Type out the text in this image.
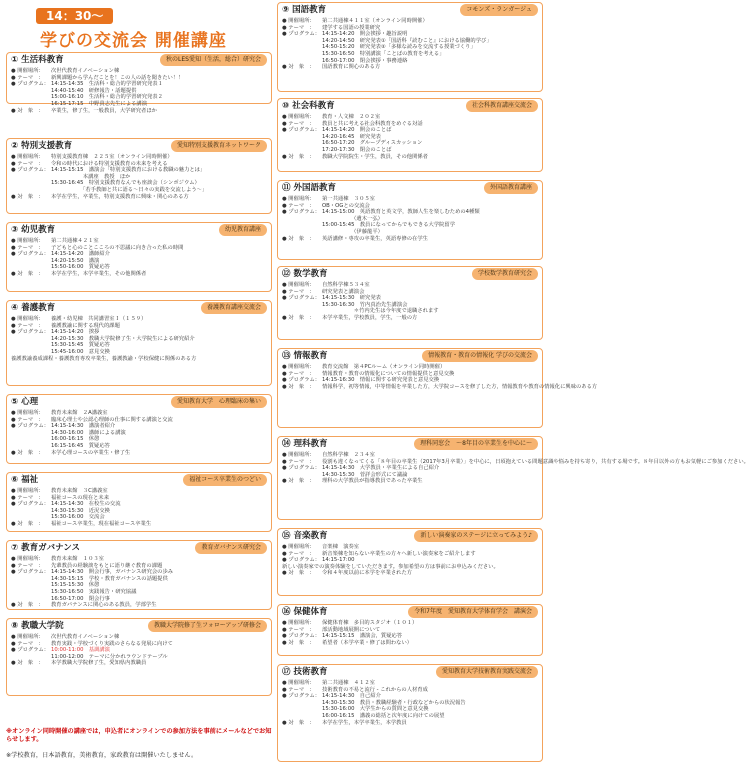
14：30～
学びの交流会 開催講座
① 生活科教育	秋のLES愛知（生活，総合）研究会
● 開催場所：	次世代教育イノベーション棟
● テーマ　：	新興課題から学んだことを！この人の話を聞きたい！！
● プログラム： 14:15-14:35　生活科・総合的学習研究発表１
14:40-15:40　研修報告・話題提供
15:00-16:10　生活科・総合的学習研究発表２
16:15-17:15　中野貴志先生による講演
● 対　象　：	卒業生，修了生，一般教員，大学研究者ほか
② 特別支援教育	愛知特別支援教育ネットワーク
● 開催場所：	特別支援教育棟　２２５室（オンライン同時開催）
● テーマ　：	令和の時代における特別支援教育の未来を考える
● プログラム： 14:15-15:15　講演会「特別支援教育における教職の魅力とは」
　　　　　　本講座　教授　ほか
15:30-16:45　特別支援教育なんでも座談会（シンポジウム）
　　　　　　「若手教師と共に語る〜日々の実践を交流しよう〜」
● 対　象　：	本学在学生，卒業生，特別支援教育に興味・関心のある方
③ 幼児教育	幼児教育講座
● 開催場所：	第二共通棟４２１室
● テーマ　：	子どもと心のことこころの不思議に向き合った私の時間
● プログラム： 14:15-14:20　講師紹介
14:20-15:50　講演
15:50-16:00　質疑応答
● 対　象　：	本学在学生，本学卒業生，その他関係者
④ 養護教育	養護教育講座交流会
● 開催場所：	養護・幼児棟　共同講習室Ｉ（１５９）
● テーマ　：	養護教諭に関する現代的課題
● プログラム： 14:15-14:20　挨拶
14:20-15:30　教職大学院修了生・大学院生による研究紹介
15:30-15:45　質疑応答
15:45-16:00　意見交換
養護教諭養成課程・養護教育専攻卒業生，養護教諭・学校保健に関係のある方
⑤ 心理	愛知教育大学　心理臨床の集い
● 開催場所：	教育未来館　２A講義室
● テーマ　：	臨床心理士や公認心理師の仕事に関する講演と交流
● プログラム： 14:15-14:30　講演者紹介
14:30-16:00　講師による講演
16:00-16:15　休憩
16:15-16:45　質疑応答
● 対　象　：	本学心理コースの卒業生・修了生
⑥ 福祉	福祉コース卒業生のつどい
● 開催場所：	教育未来館　３C講義室
● テーマ　：	福祉コースの現在と未来
● プログラム： 14:15-14:30　在校生の交流
14:30-15:30　近況交換
15:30-16:00　交流会
● 対　象　：	福祉コース卒業生，現在福祉コース卒業生
⑦ 教育ガバナンス	教育ガバナンス研究会
● 開催場所：	教育未来館　１０３室
● テーマ　：	先輩教員の経験談をもとに語り継ぐ教育の課題
● プログラム： 14:15-14:30　開会行事，ガバナンス研究会の歩み
14:30-15:15　学校・教育ガバナンスの話題提供
15:15-15:30　休憩
15:30-16:50　実践報告・研究協議
16:50-17:00　閉会行事
● 対　象　：	教育ガバナンスに関心のある教員，学部学生
⑧ 教職大学院	教職大学院修了生フォローアップ研修会
● 開催場所：	次世代教育イノベーション棟
● テーマ　：	教育実践・学校づくり実践のさらなる発展に向けて
● プログラム： 10:00-11:00　基調講演
11:00-12:00　テーマに分かれラウンドテーブル
● 対　象　：	本学教職大学院修了生，愛知県内教職員
⑨ 国語教育	コモンズ・ランガージュ
● 開催場所：	第二共通棟４１１室（オンライン同時開催）
● テーマ　：	建学する国語の授業研究
● プログラム： 14:15-14:20　開会挨拶・趣旨説明
14:20-14:50　研究発表①「国語科『読むこと』における協働的学び」
14:50-15:20　研究発表②「多様な読みを交流する授業づくり」
15:30-16:50　特別講演「ことばの教育を考える」
16:50-17:00　閉会挨拶・事務連絡
● 対　象　：	国語教育に関心のある方
⑩ 社会科教育	社会科教育講座交流会
● 開催場所：	教育・人文棟　２０２室
● テーマ　：	教員と共に考える社会科教育をめぐる対話
● プログラム： 14:15-14:20　開会のことば
14:20-16:45　研究発表
16:50-17:20　グループディスカッション
17:20-17:30　閉会のことば
● 対　象　：	教職大学院院生・学生，教員，その他関係者
⑪ 外国語教育	外国語教育講座
● 開催場所：	第一共通棟　３０５室
● テーマ　：	OB・OGとの交流会
● プログラム： 14:15-15:00　英語教育と英文学，教師人生を楽しむための4種類
　　　　　　（遺木一弘）
15:00-15:45　教員になってからでもできる大学院留学
　　　　　　（伊藤龍平）
● 対　象　：	英語講修・専攻の卒業生，英語専修の在学生
⑫ 数学教育	学校数学教育研究会
● 開催場所：	自然科学棟５３４室
● テーマ　：	研究発表と講演会
● プログラム： 14:15-15:30　研究発表
15:30-16:30　竹内真治先生講演会
　　　　　　＊竹内先生は今年度で退職されます
● 対　象　：	本学卒業生，学校教員，学生，一般の方
⑬ 情報教育	情報教育・教育の情報化 学びの交流会
● 開催場所：	教育交流館　第４PCルーム（オンライン同時開催）
● テーマ　：	情報教育・教育の情報化についての情報提供と意見交換
● プログラム： 14:15-16:30　情報に関する研究発表と意見交換
● 対　象　：	情報科学，初等情報，中等情報を卒業した方，大学院コースを修了した方，情報教育や教育の情報化に興味のある方
⑭ 理科教育	理科同窓会　〜8年目の卒業生を中心に〜
● 開催場所：	自然科学棟　２３４室
● テーマ　：	役割も違くなってくる「８年目の卒業生（2017年3月卒業）」を中心に，日頃抱えている問題意識や悩みを持ち寄り，共有する場です。８年目以外の方もお気軽にご参加ください。
● プログラム： 14:15-14:30　大学教員・卒業生による自己紹介
14:30-15:30　菅詳会形式にて議論
● 対　象　：	理科の大学教員が指導教員であった卒業生
⑮ 音楽教育	新しい演奏家のステージに立ってみよう♪
● 開催場所：	音楽棟　演奏室
● テーマ　：	新音楽棟を知らない卒業生の方々へ新しい演奏家をご紹介します
● プログラム： 14:15-17:00
新しい演奏家での演奏体験をしていただきます。参加希望の方は事前にお申込みください。
● 対　象　：	令和４年度以前に本学を卒業された方
⑯ 保健体育	令和7年度　愛知教育大学体育学会　講演会
● 開催場所：	保健体育棟　多目的スタジオ（１０１）
● テーマ　：	部活動地域展開について
● プログラム： 14:15-15:15　講演会，質疑応答
● 対　象　：	希望者（本学卒業・修了は問わない）
⑰ 技術教育	愛知教育大学技術教育実践交流会
● 開催場所：	第二共通棟　４１２室
● テーマ　：	技術教育の不易と流行 - これからの人材育成
● プログラム： 14:15-14:30　自己紹介
14:30-15:30　教員・教職経験者・行政などからの状況報告
15:30-16:00　大学生からの質問と意見交換
16:00-16:15　講義の総括と次年度に向けての展望
● 対　象　：	本学在学生，本学卒業生，本学教員
※オンライン同時開催の講座では，申込者にオンラインでの参加方法を事前にメールなどでお知らせします。
※学校教育，日本語教育，美術教育，家政教育は開催いたしません。
